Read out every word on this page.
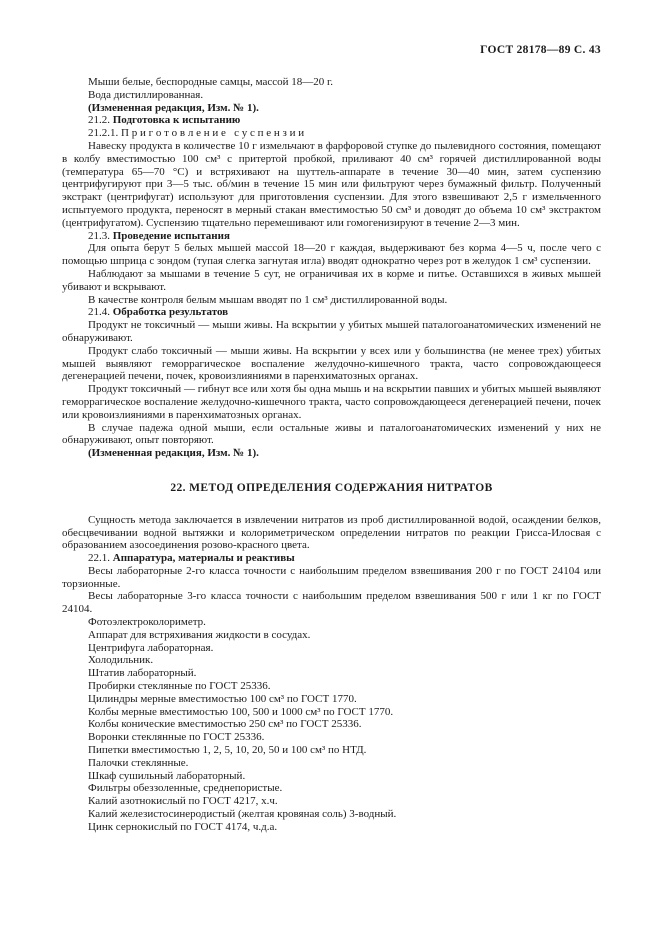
ГОСТ 28178—89 С. 43

Мыши белые, беспородные самцы, массой 18—20 г.

Вода дистиллированная.

(Измененная редакция, Изм. № 1).

21.2. Подготовка к испытанию

21.2.1. П р и г о т о в л е н и е   с у с п е н з и и

Навеску продукта в количестве 10 г измельчают в фарфоровой ступке до пылевидного состояния, помещают в колбу вместимостью 100 см³ с притертой пробкой, приливают 40 см³ горячей дистиллированной воды (температура 65—70 °С) и встряхивают на шуттель-аппарате в течение 30—40 мин, затем суспензию центрифугируют при 3—5 тыс. об/мин в течение 15 мин или фильтруют через бумажный фильтр. Полученный экстракт (центрифугат) используют для приготовления суспензии. Для этого взвешивают 2,5 г измельченного испытуемого продукта, переносят в мерный стакан вместимостью 50 см³ и доводят до объема 10 см³ экстрактом (центрифугатом). Суспензию тщательно перемешивают или гомогенизируют в течение 2—3 мин.

21.3. Проведение испытания

Для опыта берут 5 белых мышей массой 18—20 г каждая, выдерживают без корма 4—5 ч, после чего с помощью шприца с зондом (тупая слегка загнутая игла) вводят однократно через рот в желудок 1 см³ суспензии.

Наблюдают за мышами в течение 5 сут, не ограничивая их в корме и питье. Оставшихся в живых мышей убивают и вскрывают.

В качестве контроля белым мышам вводят по 1 см³ дистиллированной воды.

21.4. Обработка результатов

Продукт не токсичный — мыши живы. На вскрытии у убитых мышей паталогоанатомических изменений не обнаруживают.

Продукт слабо токсичный — мыши живы. На вскрытии у всех или у большинства (не менее трех) убитых мышей выявляют геморрагическое воспаление желудочно-кишечного тракта, часто сопровождающееся дегенерацией печени, почек, кровоизлияниями в паренхиматозных органах.

Продукт токсичный — гибнут все или хотя бы одна мышь и на вскрытии павших и убитых мышей выявляют геморрагическое воспаление желудочно-кишечного тракта, часто сопровождающееся дегенерацией печени, почек или кровоизлияниями в паренхиматозных органах.

В случае падежа одной мыши, если остальные живы и паталогоанатомических изменений у них не обнаруживают, опыт повторяют.

(Измененная редакция, Изм. № 1).

22. МЕТОД ОПРЕДЕЛЕНИЯ СОДЕРЖАНИЯ НИТРАТОВ

Сущность метода заключается в извлечении нитратов из проб дистиллированной водой, осаждении белков, обесцвечивании водной вытяжки и колориметрическом определении нитратов по реакции Грисса-Илосвая с образованием азосоединения розово-красного цвета.

22.1. Аппаратура, материалы и реактивы

Весы лабораторные 2-го класса точности с наибольшим пределом взвешивания 200 г по ГОСТ 24104 или торзионные.

Весы лабораторные 3-го класса точности с наибольшим пределом взвешивания 500 г или 1 кг по ГОСТ 24104.

Фотоэлектроколориметр.

Аппарат для встряхивания жидкости в сосудах.

Центрифуга лабораторная.

Холодильник.

Штатив лабораторный.

Пробирки стеклянные по ГОСТ 25336.

Цилиндры мерные вместимостью 100 см³ по ГОСТ 1770.

Колбы мерные вместимостью 100, 500 и 1000 см³ по ГОСТ 1770.

Колбы конические вместимостью 250 см³ по ГОСТ 25336.

Воронки стеклянные по ГОСТ 25336.

Пипетки вместимостью 1, 2, 5, 10, 20, 50 и 100 см³ по НТД.

Палочки стеклянные.

Шкаф сушильный лабораторный.

Фильтры обеззоленные, среднепористые.

Калий азотнокислый по ГОСТ 4217, х.ч.

Калий железистосинеродистый (желтая кровяная соль) 3-водный.

Цинк сернокислый по ГОСТ 4174, ч.д.а.
